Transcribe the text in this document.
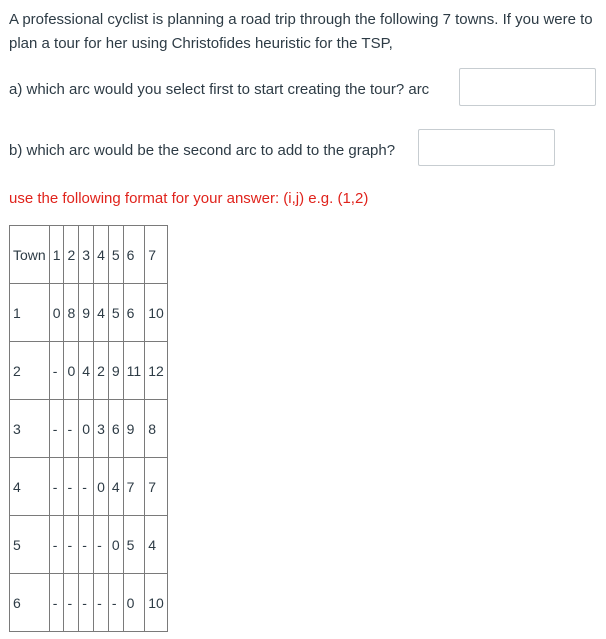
A professional cyclist is planning a road trip through the following 7 towns. If you were to plan a tour for her using Christofides heuristic for the TSP,

a) which arc would you select first to start creating the tour? arc
b) which arc would be the second arc to add to the graph?
use the following format for your answer: (i,j) e.g. (1,2)
Town	1	2	3	4	5	6	7
1	0	8	9	4	5	6	10
2	-	0	4	2	9	11	12
3	-	-	0	3	6	9	8
4	-	-	-	0	4	7	7
5	-	-	-	-	0	5	4
6	-	-	-	-	-	0	10
